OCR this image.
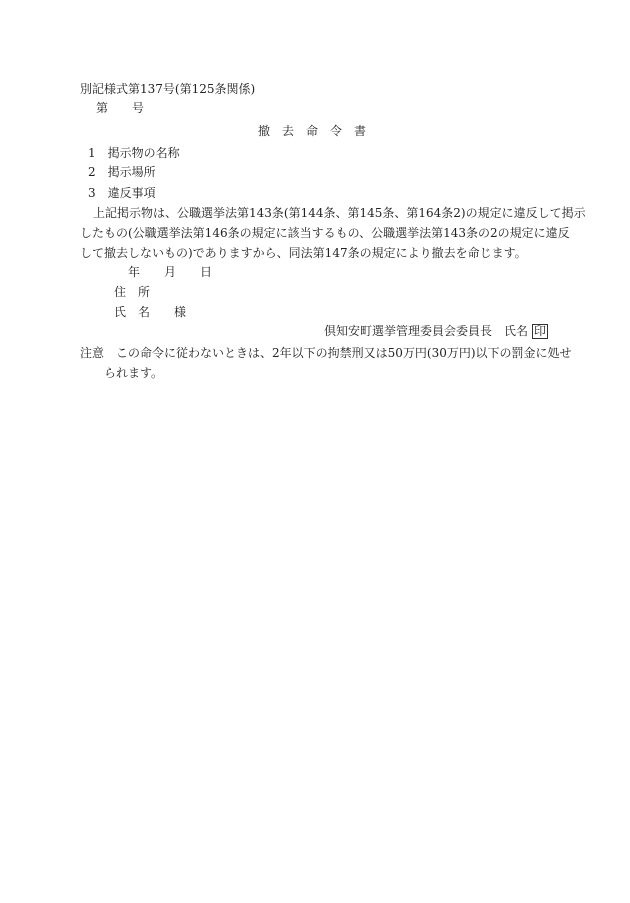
別記様式第137号(第125条関係)
第　　号
撤　去　命　令　書
1　掲示物の名称
2　掲示場所
3　違反事項
上記掲示物は、公職選挙法第143条(第144条、第145条、第164条2)の規定に違反して掲示
したもの(公職選挙法第146条の規定に該当するもの、公職選挙法第143条の2の規定に違反
して撤去しないもの)でありますから、同法第147条の規定により撤去を命じます。
年　　月　　日
住　所
氏　名　　様
倶知安町選挙管理委員会委員長　氏名 印
注意　この命令に従わないときは、2年以下の拘禁刑又は50万円(30万円)以下の罰金に処せ
られます。
